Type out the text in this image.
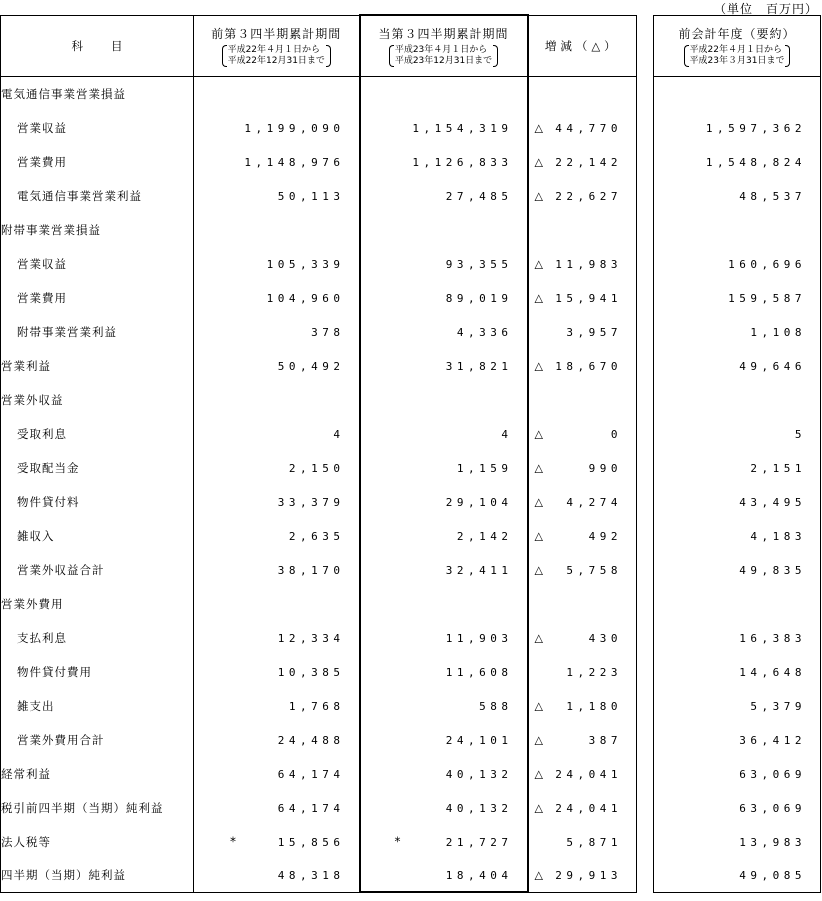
（単位　百万円）
科目	前第３四半期累計期間
平成22年４月１日から
平成22年12月31日まで	当第３四半期累計期間
平成23年４月１日から
平成23年12月31日まで	増減（△）		前会計年度（要約）
平成22年４月１日から
平成23年３月31日まで

電気通信事業営業損益					
営業収益	1,199,090	1,154,319	△ 44,770		1,597,362
営業費用	1,148,976	1,126,833	△ 22,142		1,548,824
電気通信事業営業利益	50,113	27,485	△ 22,627		48,537
附帯事業営業損益					
営業収益	105,339	93,355	△ 11,983		160,696
営業費用	104,960	89,019	△ 15,941		159,587
附帯事業営業利益	378	4,336	3,957		1,108
営業利益	50,492	31,821	△ 18,670		49,646
営業外収益					
受取利息	4	4	△ 0		5
受取配当金	2,150	1,159	△ 990		2,151
物件貸付料	33,379	29,104	△ 4,274		43,495
雑収入	2,635	2,142	△ 492		4,183
営業外収益合計	38,170	32,411	△ 5,758		49,835
営業外費用					
支払利息	12,334	11,903	△ 430		16,383
物件貸付費用	10,385	11,608	1,223		14,648
雑支出	1,768	588	△ 1,180		5,379
営業外費用合計	24,488	24,101	△ 387		36,412
経常利益	64,174	40,132	△ 24,041		63,069
税引前四半期（当期）純利益	64,174	40,132	△ 24,041		63,069
法人税等	* 15,856	* 21,727	5,871		13,983
四半期（当期）純利益	48,318	18,404	△ 29,913		49,085
